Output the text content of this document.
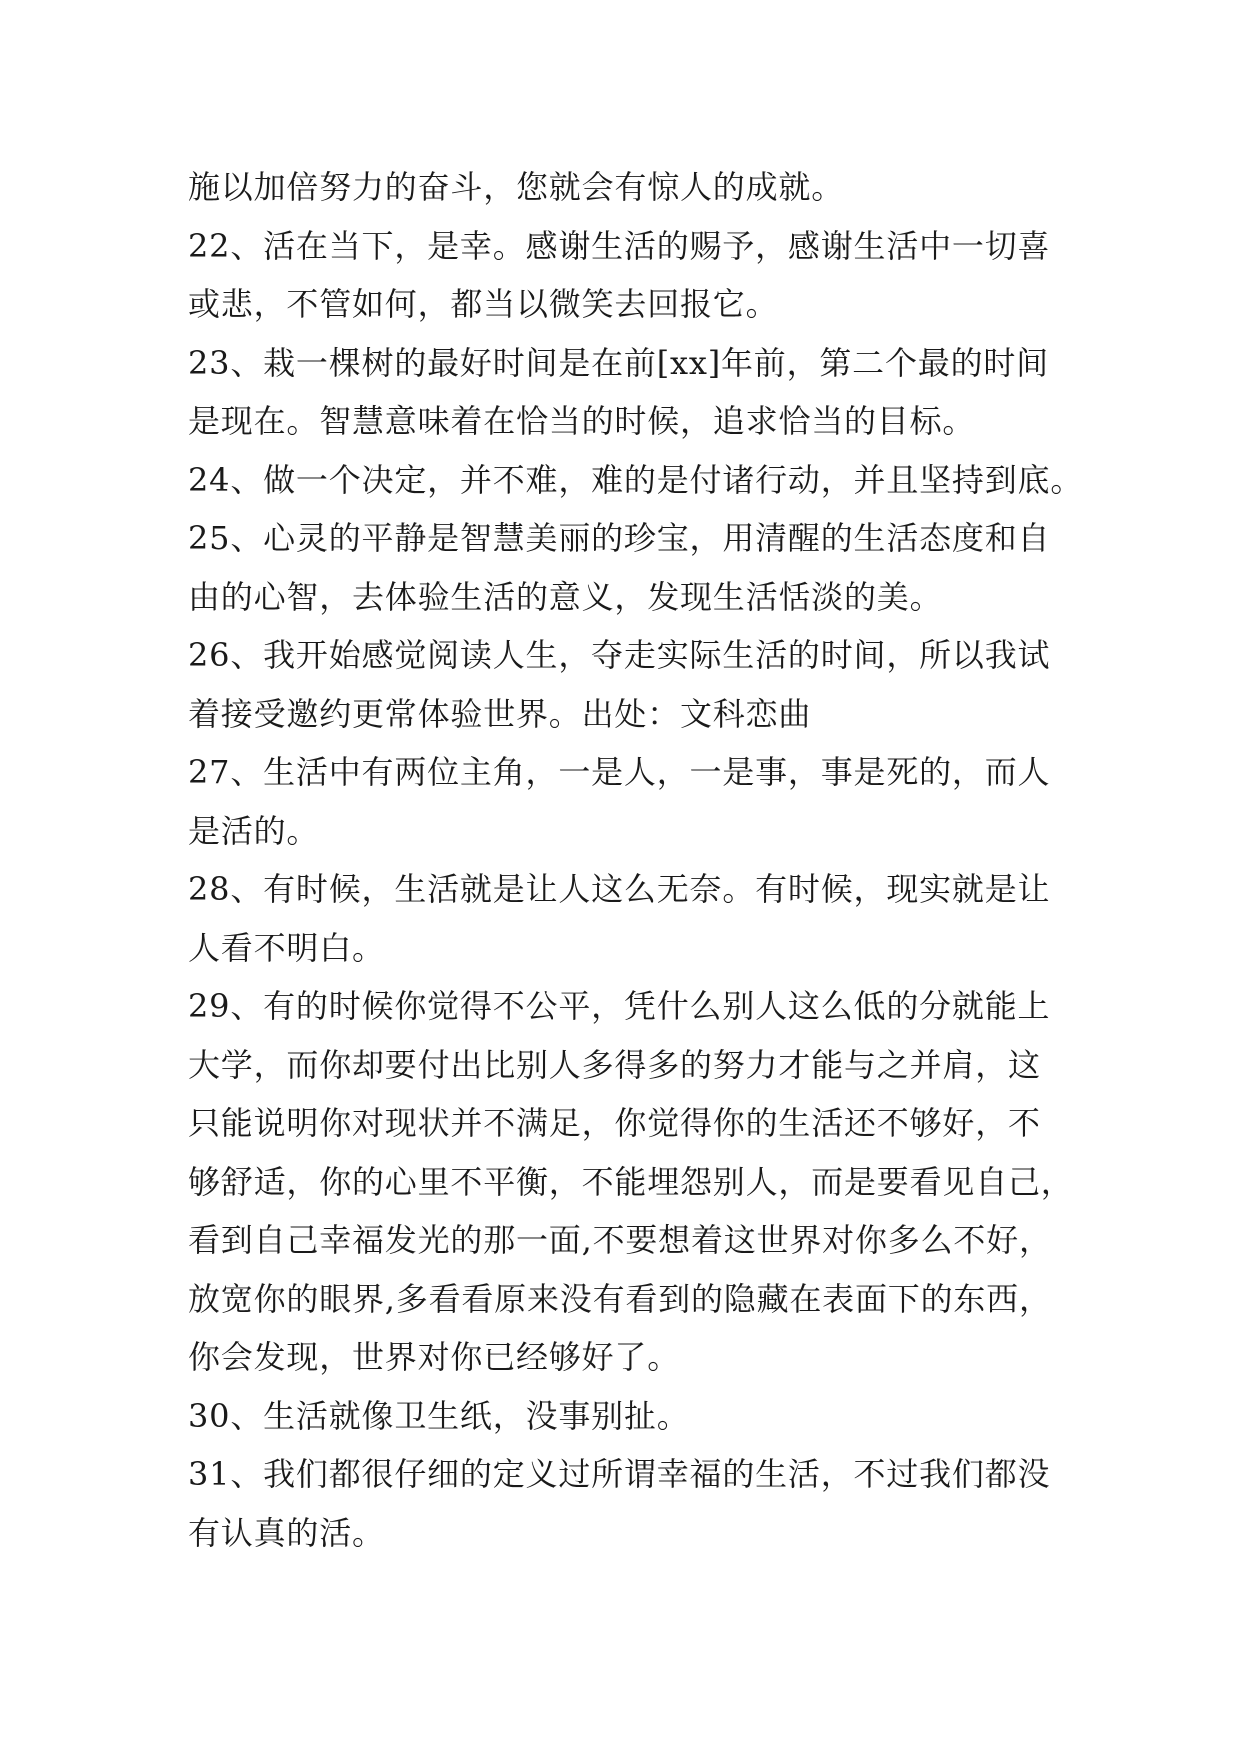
施以加倍努力的奋斗，您就会有惊人的成就。
22、活在当下，是幸。感谢生活的赐予，感谢生活中一切喜
或悲，不管如何，都当以微笑去回报它。
23、栽一棵树的最好时间是在前[xx]年前，第二个最的时间
是现在。智慧意味着在恰当的时候，追求恰当的目标。
24、做一个决定，并不难，难的是付诸行动，并且坚持到底。
25、心灵的平静是智慧美丽的珍宝，用清醒的生活态度和自
由的心智，去体验生活的意义，发现生活恬淡的美。
26、我开始感觉阅读人生，夺走实际生活的时间，所以我试
着接受邀约更常体验世界。出处：文科恋曲
27、生活中有两位主角，一是人，一是事，事是死的，而人
是活的。
28、有时候，生活就是让人这么无奈。有时候，现实就是让
人看不明白。
29、有的时候你觉得不公平，凭什么别人这么低的分就能上
大学，而你却要付出比别人多得多的努力才能与之并肩，这
只能说明你对现状并不满足，你觉得你的生活还不够好，不
够舒适，你的心里不平衡，不能埋怨别人，而是要看见自己，
看到自己幸福发光的那一面,不要想着这世界对你多么不好，
放宽你的眼界,多看看原来没有看到的隐藏在表面下的东西，
你会发现，世界对你已经够好了。
30、生活就像卫生纸，没事别扯。
31、我们都很仔细的定义过所谓幸福的生活，不过我们都没
有认真的活。
